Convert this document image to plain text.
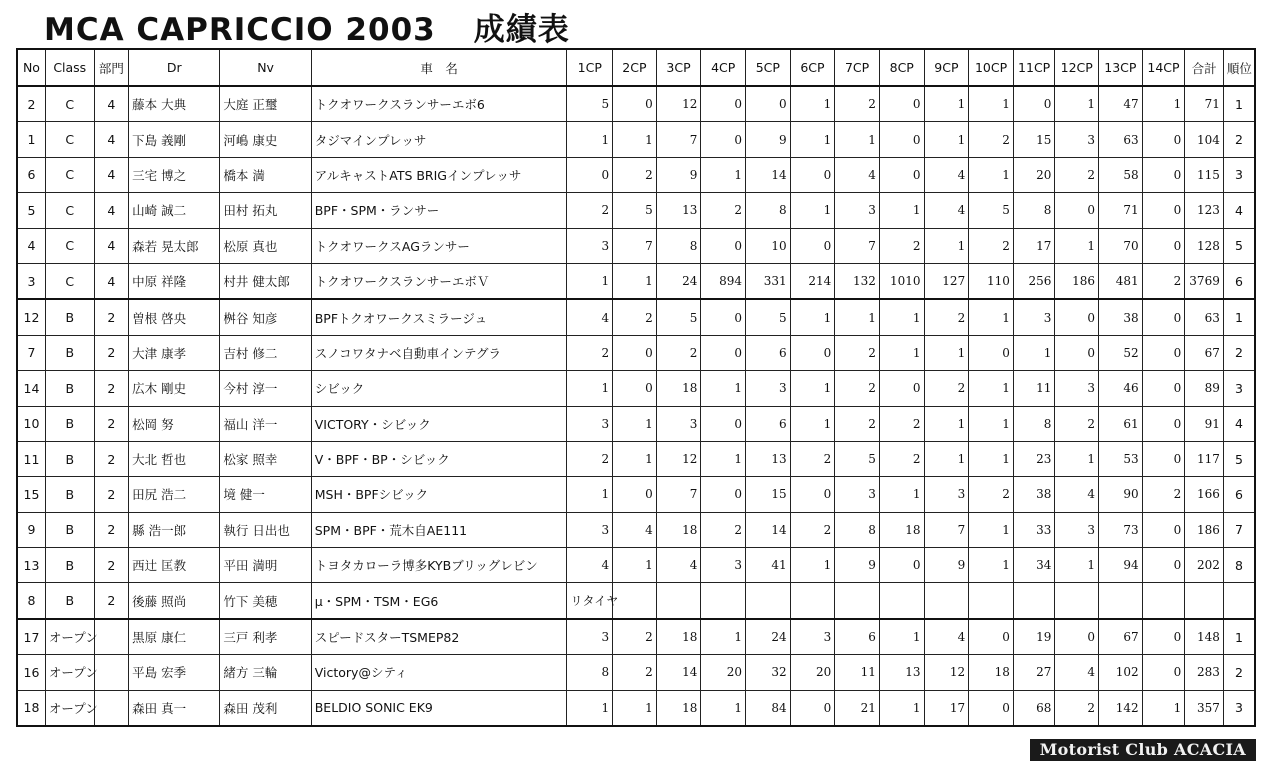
MCA CAPRICCIO 2003 成績表
No	Class	部門	Dr	Nv	車　名	1CP	2CP	3CP	4CP	5CP	6CP	7CP	8CP	9CP	10CP	11CP	12CP	13CP	14CP	合計	順位
2	C	4	藤本 大典	大庭 正璽	トクオワークスランサーエボ6	5	0	12	0	0	1	2	0	1	1	0	1	47	1	71	1
1	C	4	下島 義剛	河嶋 康史	タジマインプレッサ	1	1	7	0	9	1	1	0	1	2	15	3	63	0	104	2
6	C	4	三宅 博之	橋本 満	アルキャストATS BRIGインプレッサ	0	2	9	1	14	0	4	0	4	1	20	2	58	0	115	3
5	C	4	山崎 誠二	田村 拓丸	BPF・SPM・ランサー	2	5	13	2	8	1	3	1	4	5	8	0	71	0	123	4
4	C	4	森若 晃太郎	松原 真也	トクオワークスAGランサー	3	7	8	0	10	0	7	2	1	2	17	1	70	0	128	5
3	C	4	中原 祥隆	村井 健太郎	トクオワークスランサーエボＶ	1	1	24	894	331	214	132	1010	127	110	256	186	481	2	3769	6
12	B	2	曽根 啓央	桝谷 知彦	BPFトクオワークスミラージュ	4	2	5	0	5	1	1	1	2	1	3	0	38	0	63	1
7	B	2	大津 康孝	吉村 修二	スノコワタナベ自動車インテグラ	2	0	2	0	6	0	2	1	1	0	1	0	52	0	67	2
14	B	2	広木 剛史	今村 淳一	シビック	1	0	18	1	3	1	2	0	2	1	11	3	46	0	89	3
10	B	2	松岡 努	福山 洋一	VICTORY・シビック	3	1	3	0	6	1	2	2	1	1	8	2	61	0	91	4
11	B	2	大北 哲也	松家 照幸	V・BPF・BP・シビック	2	1	12	1	13	2	5	2	1	1	23	1	53	0	117	5
15	B	2	田尻 浩二	境 健一	MSH・BPFシビック	1	0	7	0	15	0	3	1	3	2	38	4	90	2	166	6
9	B	2	縣 浩一郎	執行 日出也	SPM・BPF・荒木自AE111	3	4	18	2	14	2	8	18	7	1	33	3	73	0	186	7
13	B	2	西辻 匡教	平田 満明	トヨタカローラ博多KYBブリッグレビン	4	1	4	3	41	1	9	0	9	1	34	1	94	0	202	8
8	B	2	後藤 照尚	竹下 美穂	μ・SPM・TSM・EG6	リタイヤ															
17	オープン		黒原 康仁	三戸 利孝	スピードスターTSMEP82	3	2	18	1	24	3	6	1	4	0	19	0	67	0	148	1
16	オープン		平島 宏季	緒方 三輪	Victory@シティ	8	2	14	20	32	20	11	13	12	18	27	4	102	0	283	2
18	オープン		森田 真一	森田 茂利	BELDIO SONIC EK9	1	1	18	1	84	0	21	1	17	0	68	2	142	1	357	3
Motorist Club ACACIA
